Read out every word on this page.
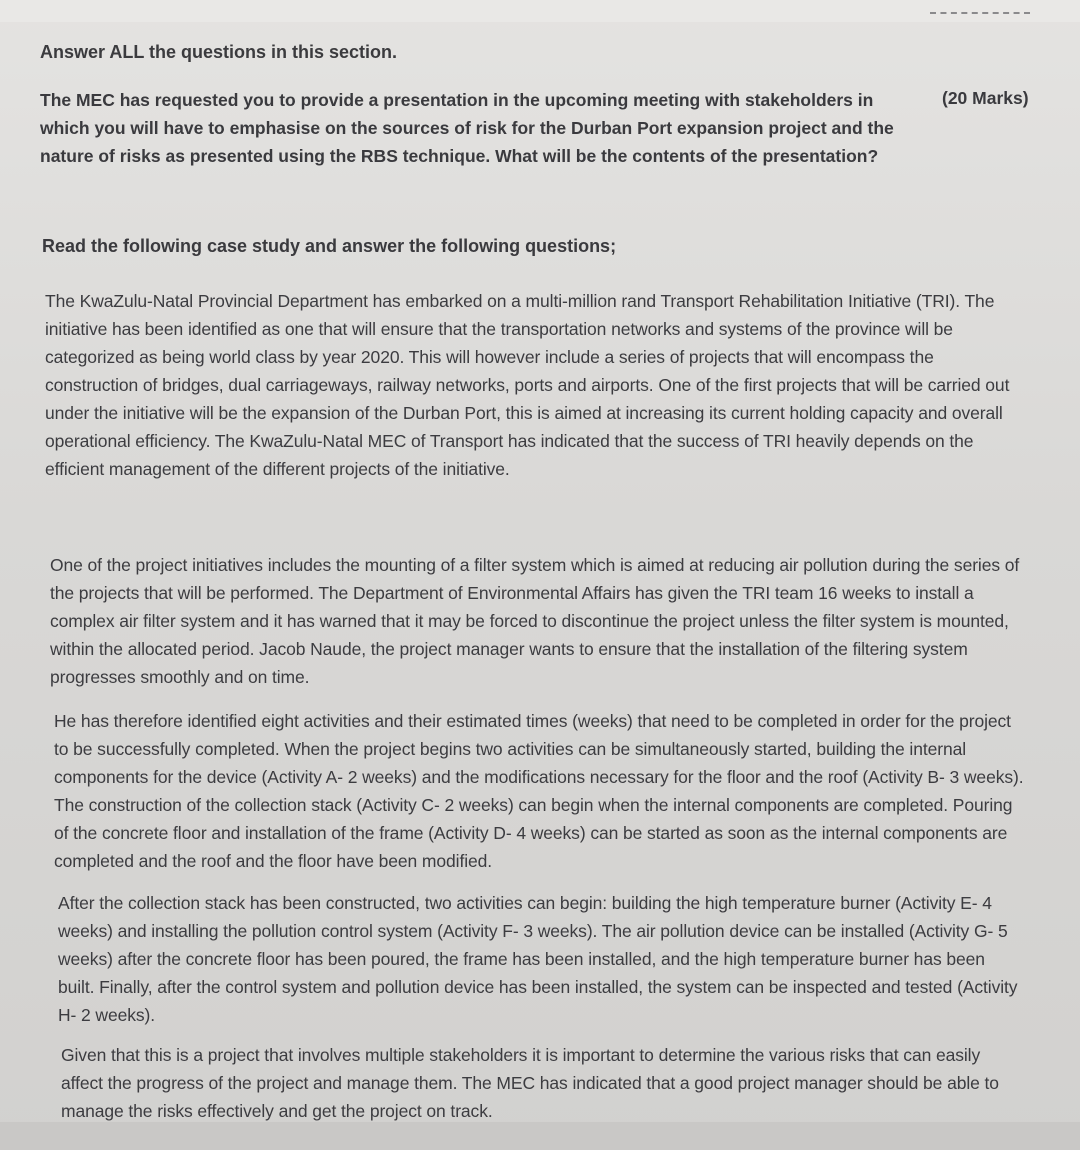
Answer ALL the questions in this section.
The MEC has requested you to provide a presentation in the upcoming meeting with stakeholders in which you will have to emphasise on the sources of risk for the Durban Port expansion project and the nature of risks as presented using the RBS technique. What will be the contents of the presentation?
(20 Marks)
Read the following case study and answer the following questions;
The KwaZulu-Natal Provincial Department has embarked on a multi-million rand Transport Rehabilitation Initiative (TRI). The initiative has been identified as one that will ensure that the transportation networks and systems of the province will be categorized as being world class by year 2020. This will however include a series of projects that will encompass the construction of bridges, dual carriageways, railway networks, ports and airports. One of the first projects that will be carried out under the initiative will be the expansion of the Durban Port, this is aimed at increasing its current holding capacity and overall operational efficiency. The KwaZulu-Natal MEC of Transport has indicated that the success of TRI heavily depends on the efficient management of the different projects of the initiative.
One of the project initiatives includes the mounting of a filter system which is aimed at reducing air pollution during the series of the projects that will be performed. The Department of Environmental Affairs has given the TRI team 16 weeks to install a complex air filter system and it has warned that it may be forced to discontinue the project unless the filter system is mounted, within the allocated period. Jacob Naude, the project manager wants to ensure that the installation of the filtering system progresses smoothly and on time.
He has therefore identified eight activities and their estimated times (weeks) that need to be completed in order for the project to be successfully completed. When the project begins two activities can be simultaneously started, building the internal components for the device (Activity A- 2 weeks) and the modifications necessary for the floor and the roof (Activity B- 3 weeks). The construction of the collection stack (Activity C- 2 weeks) can begin when the internal components are completed. Pouring of the concrete floor and installation of the frame (Activity D- 4 weeks) can be started as soon as the internal components are completed and the roof and the floor have been modified.
After the collection stack has been constructed, two activities can begin: building the high temperature burner (Activity E- 4 weeks) and installing the pollution control system (Activity F- 3 weeks). The air pollution device can be installed (Activity G- 5 weeks) after the concrete floor has been poured, the frame has been installed, and the high temperature burner has been built. Finally, after the control system and pollution device has been installed, the system can be inspected and tested (Activity H- 2 weeks).
Given that this is a project that involves multiple stakeholders it is important to determine the various risks that can easily affect the progress of the project and manage them. The MEC has indicated that a good project manager should be able to manage the risks effectively and get the project on track.
